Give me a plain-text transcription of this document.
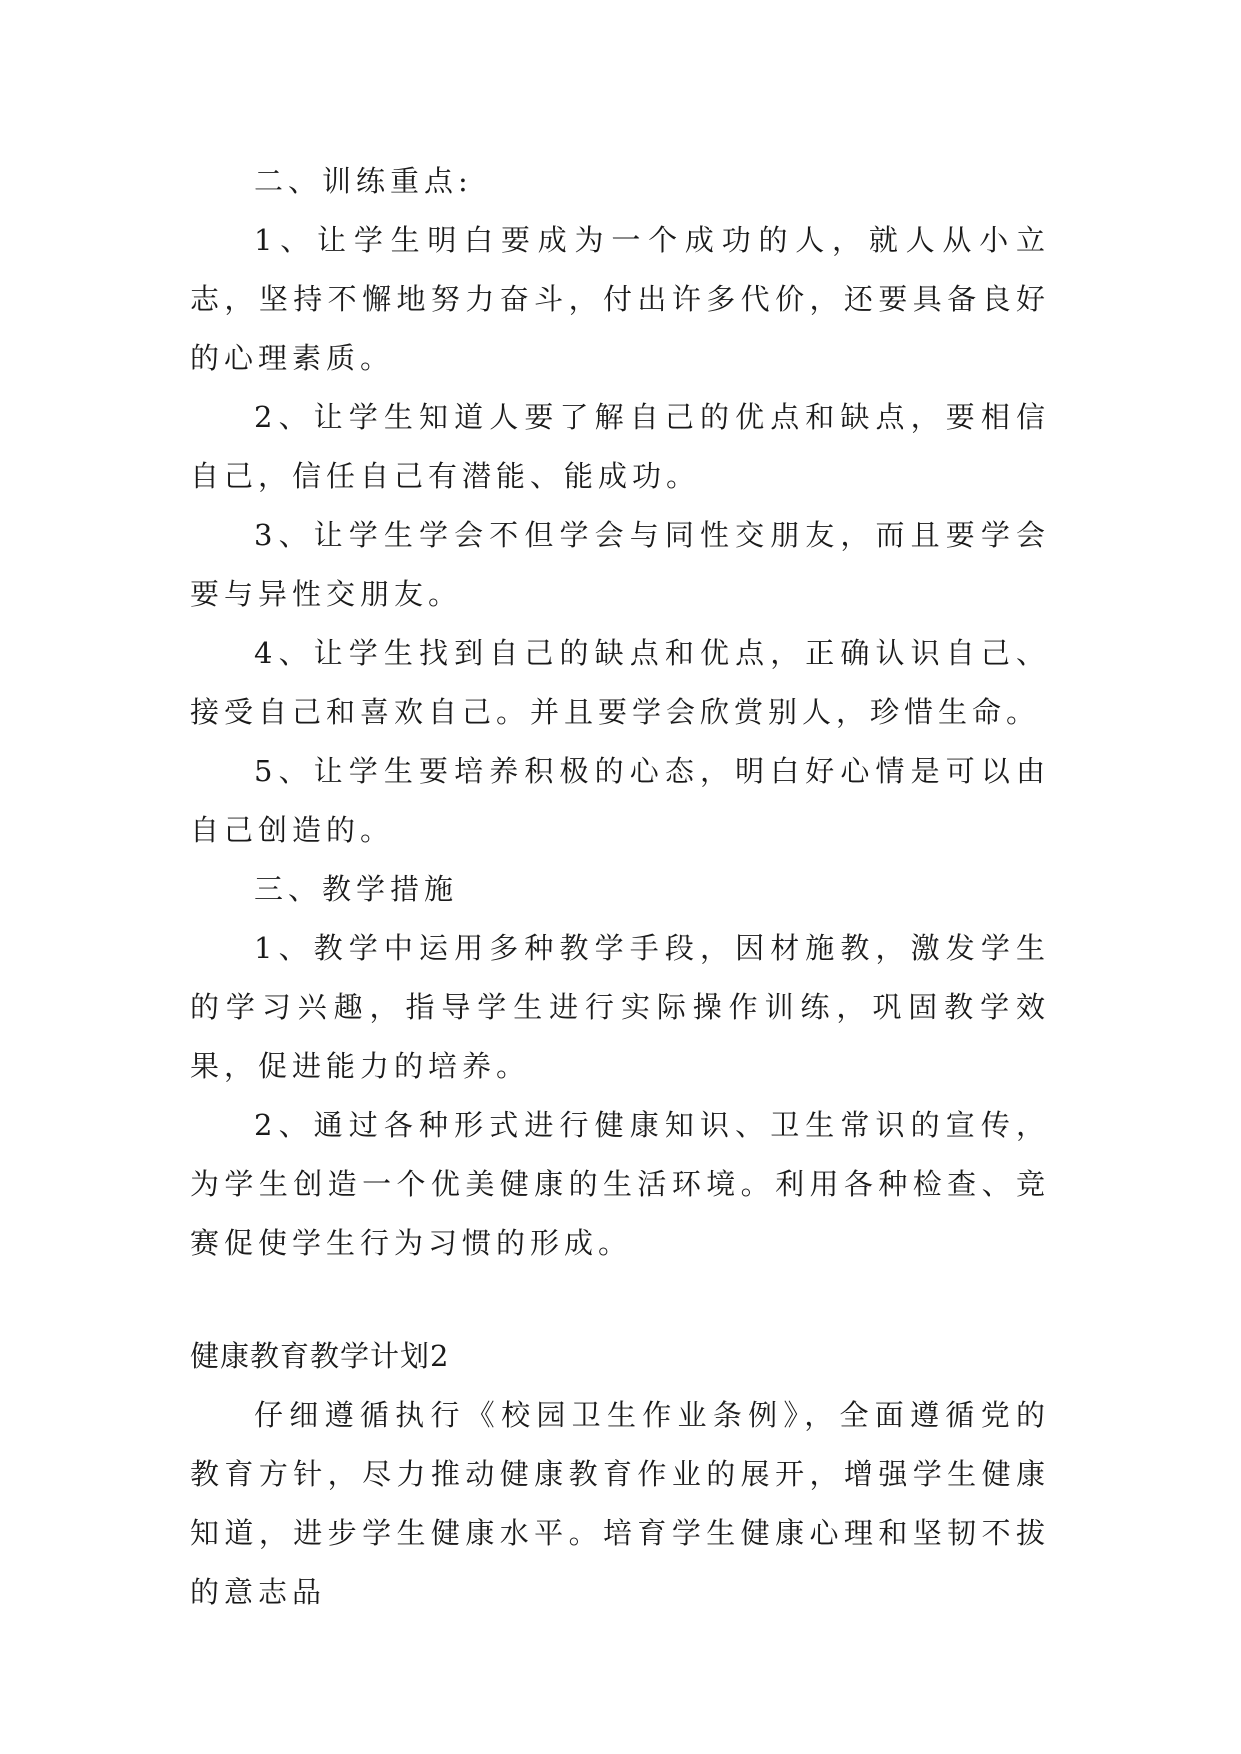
二、训练重点:

1、让学生明白要成为一个成功的人，就人从小立志，坚持不懈地努力奋斗，付出许多代价，还要具备良好的心理素质。

2、让学生知道人要了解自己的优点和缺点，要相信自己，信任自己有潜能、能成功。

3、让学生学会不但学会与同性交朋友，而且要学会要与异性交朋友。

4、让学生找到自己的缺点和优点，正确认识自己、接受自己和喜欢自己。并且要学会欣赏别人，珍惜生命。

5、让学生要培养积极的心态，明白好心情是可以由自己创造的。

三、教学措施

1、教学中运用多种教学手段，因材施教，激发学生的学习兴趣，指导学生进行实际操作训练，巩固教学效果，促进能力的培养。

2、通过各种形式进行健康知识、卫生常识的宣传，为学生创造一个优美健康的生活环境。利用各种检查、竞赛促使学生行为习惯的形成。

健康教育教学计划2

仔细遵循执行《校园卫生作业条例》，全面遵循党的教育方针，尽力推动健康教育作业的展开，增强学生健康知道，进步学生健康水平。培育学生健康心理和坚韧不拔的意志品
